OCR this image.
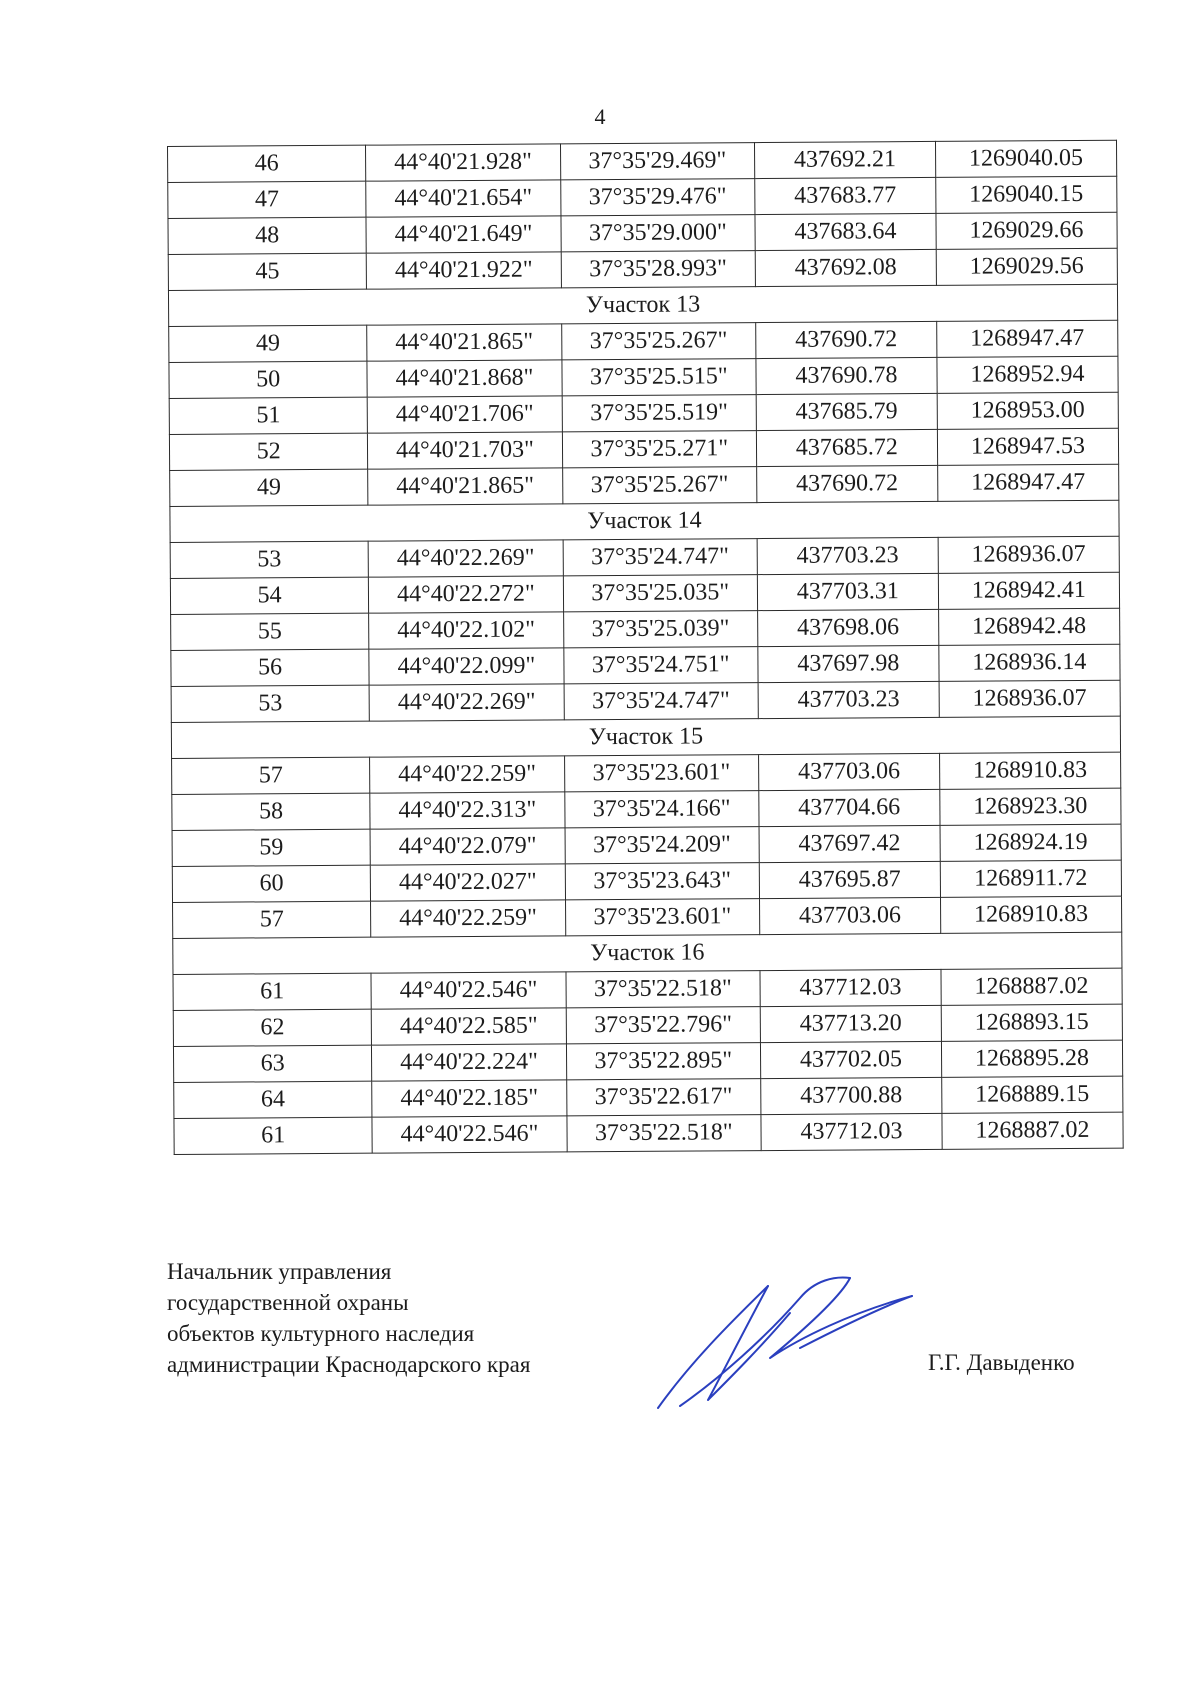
4
46	44°40'21.928"	37°35'29.469"	437692.21	1269040.05
47	44°40'21.654"	37°35'29.476"	437683.77	1269040.15
48	44°40'21.649"	37°35'29.000"	437683.64	1269029.66
45	44°40'21.922"	37°35'28.993"	437692.08	1269029.56
Участок 13				
49	44°40'21.865"	37°35'25.267"	437690.72	1268947.47
50	44°40'21.868"	37°35'25.515"	437690.78	1268952.94
51	44°40'21.706"	37°35'25.519"	437685.79	1268953.00
52	44°40'21.703"	37°35'25.271"	437685.72	1268947.53
49	44°40'21.865"	37°35'25.267"	437690.72	1268947.47
Участок 14				
53	44°40'22.269"	37°35'24.747"	437703.23	1268936.07
54	44°40'22.272"	37°35'25.035"	437703.31	1268942.41
55	44°40'22.102"	37°35'25.039"	437698.06	1268942.48
56	44°40'22.099"	37°35'24.751"	437697.98	1268936.14
53	44°40'22.269"	37°35'24.747"	437703.23	1268936.07
Участок 15				
57	44°40'22.259"	37°35'23.601"	437703.06	1268910.83
58	44°40'22.313"	37°35'24.166"	437704.66	1268923.30
59	44°40'22.079"	37°35'24.209"	437697.42	1268924.19
60	44°40'22.027"	37°35'23.643"	437695.87	1268911.72
57	44°40'22.259"	37°35'23.601"	437703.06	1268910.83
Участок 16				
61	44°40'22.546"	37°35'22.518"	437712.03	1268887.02
62	44°40'22.585"	37°35'22.796"	437713.20	1268893.15
63	44°40'22.224"	37°35'22.895"	437702.05	1268895.28
64	44°40'22.185"	37°35'22.617"	437700.88	1268889.15
61	44°40'22.546"	37°35'22.518"	437712.03	1268887.02
Начальник управления
государственной охраны
объектов культурного наследия
администрации Краснодарского края	Г.Г. Давыденко
